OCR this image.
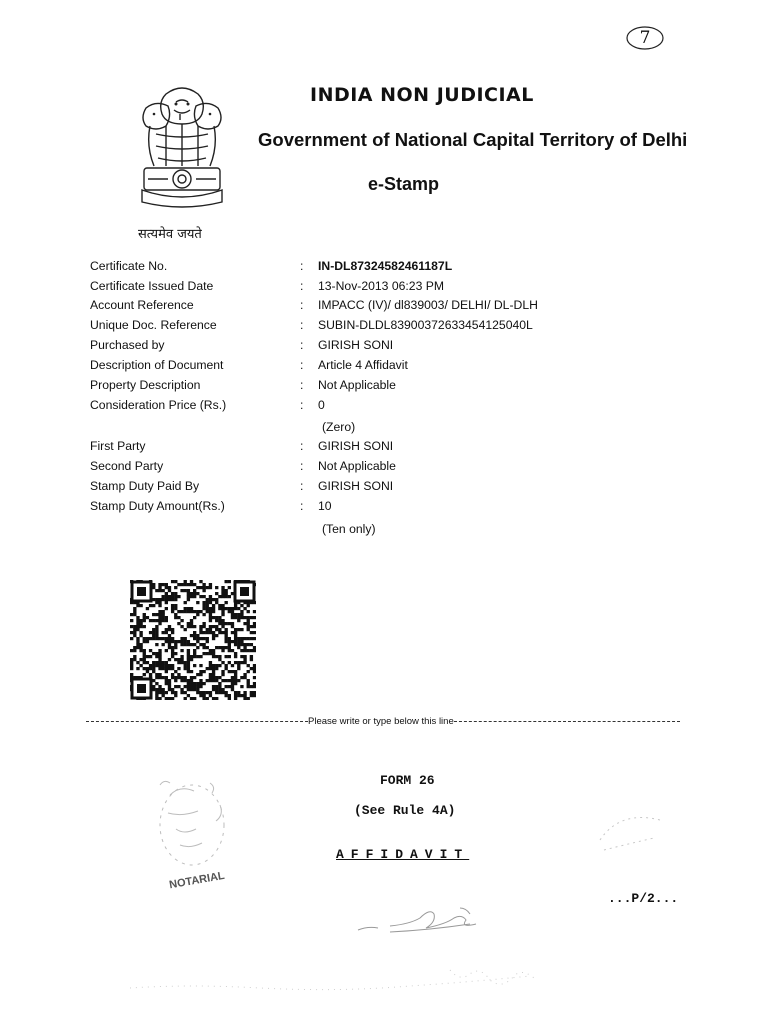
7
सत्यमेव जयते
INDIA NON JUDICIAL
Government of National Capital Territory of Delhi
e-Stamp
Certificate No.	: IN-DL87324582461187L
Certificate Issued Date	: 13-Nov-2013 06:23 PM
Account Reference	: IMPACC (IV)/ dl839003/ DELHI/ DL-DLH
Unique Doc. Reference	: SUBIN-DLDL83900372633454125040L
Purchased by	: GIRISH SONI
Description of Document	: Article 4 Affidavit
Property Description	: Not Applicable
Consideration Price (Rs.)	: 0
(Zero)
First Party	: GIRISH SONI
Second Party	: Not Applicable
Stamp Duty Paid By	: GIRISH SONI
Stamp Duty Amount(Rs.)	: 10
(Ten only)
Please write or type below this line
FORM 26
(See Rule 4A)
AFFIDAVIT
...P/2...
NOTARIAL
